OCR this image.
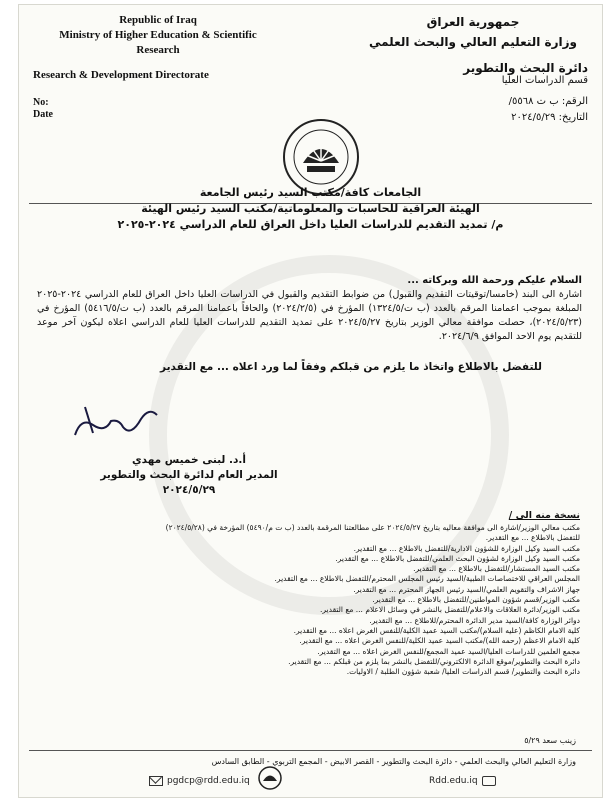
Republic of Iraq
Ministry of Higher Education & Scientific
Research
Research & Development Directorate
No:
Date
جمهورية العراق
وزارة التعليم العالي والبحث العلمي
دائرة البحث والتطوير
قسم الدراسات العليا
الرقم: ب ت ٥٥٦٨/
التاريخ: ٢٠٢٤/٥/٢٩
الجامعات كافة/مكتب السيد رئيس الجامعة
الهيئة العراقية للحاسبات والمعلوماتية/مكتب السيد رئيس الهيئة
م/ تمديد التقديم للدراسات العليا داخل العراق للعام الدراسي ٢٠٢٤-٢٠٢٥
السلام عليكم ورحمة الله وبركاته ...
اشارة الى البند (خامسا/توقيتات التقديم والقبول) من ضوابط التقديم والقبول في الدراسات العليا داخل العراق للعام الدراسي ٢٠٢٤-٢٠٢٥ المبلغة بموجب اعمامنا المرقم بالعدد (ب ت/١٣٢٤/٥) المؤرخ في (٢٠٢٤/٢/٥) والحاقاً باعمامنا المرقم بالعدد (ب ت/٥٤١٦/٥) المؤرخ في (٢٠٢٤/٥/٢٣)، حصلت موافقة معالي الوزير بتاريخ ٢٠٢٤/٥/٢٧ على تمديد التقديم للدراسات العليا للعام الدراسي اعلاه ليكون آخر موعد للتقديم يوم الاحد الموافق ٢٠٢٤/٦/٩.
للتفضل بالاطلاع واتخاذ ما يلزم من قبلكم وفقاً لما ورد اعلاه ... مع التقدير
أ.د. لبنى خميس مهدي
المدير العام لدائرة البحث والتطوير
٢٠٢٤/٥/٢٩
نسخة منه الى /
مكتب معالي الوزير/اشارة الى موافقة معاليه بتاريخ ٢٠٢٤/٥/٢٧ على مطالعتنا المرقمة بالعدد (ب ت م/٥٤٩٠) المؤرخة في (٢٠٢٤/٥/٢٨)
للتفضل بالاطلاع ... مع التقدير.
مكتب السيد وكيل الوزارة للشؤون الادارية/للتفضل بالاطلاع ... مع التقدير.
مكتب السيد وكيل الوزارة لشؤون البحث العلمي/للتفضل بالاطلاع ... مع التقدير.
مكتب السيد المستشار/للتفضل بالاطلاع ... مع التقدير.
المجلس العراقي للاختصاصات الطبية/السيد رئيس المجلس المحترم/للتفضل بالاطلاع ... مع التقدير.
جهاز الاشراف والتقويم العلمي/السيد رئيس الجهاز المحترم ... مع التقدير.
مكتب الوزير/قسم شؤون المواطنين/للتفضل بالاطلاع ... مع التقدير.
مكتب الوزير/دائرة العلاقات والاعلام/للتفضل بالنشر في وسائل الاعلام ... مع التقدير.
دوائر الوزارة كافة/السيد مدير الدائرة المحترم/للاطلاع ... مع التقدير.
كلية الامام الكاظم (عليه السلام)/مكتب السيد عميد الكلية/للنفس الغرض اعلاه ... مع التقدير.
كلية الامام الاعظم (رحمه الله)/مكتب السيد عميد الكلية/للنفس الغرض اعلاه ... مع التقدير.
مجمع العلمين للدراسات العليا/السيد عميد المجمع/للنفس الغرض اعلاه ... مع التقدير.
دائرة البحث والتطوير/موقع الدائرة الالكتروني/للتفضل بالنشر بما يلزم من قبلكم ... مع التقدير.
دائرة البحث والتطوير/ قسم الدراسات العليا/ شعبة شؤون الطلبة / الاوليات.
زينب سعد ٥/٢٩
وزارة التعليم العالي والبحث العلمي - دائرة البحث والتطوير - القصر الابيض - المجمع التربوي - الطابق السادس
pgdcp@rdd.edu.iq	Rdd.edu.iq
